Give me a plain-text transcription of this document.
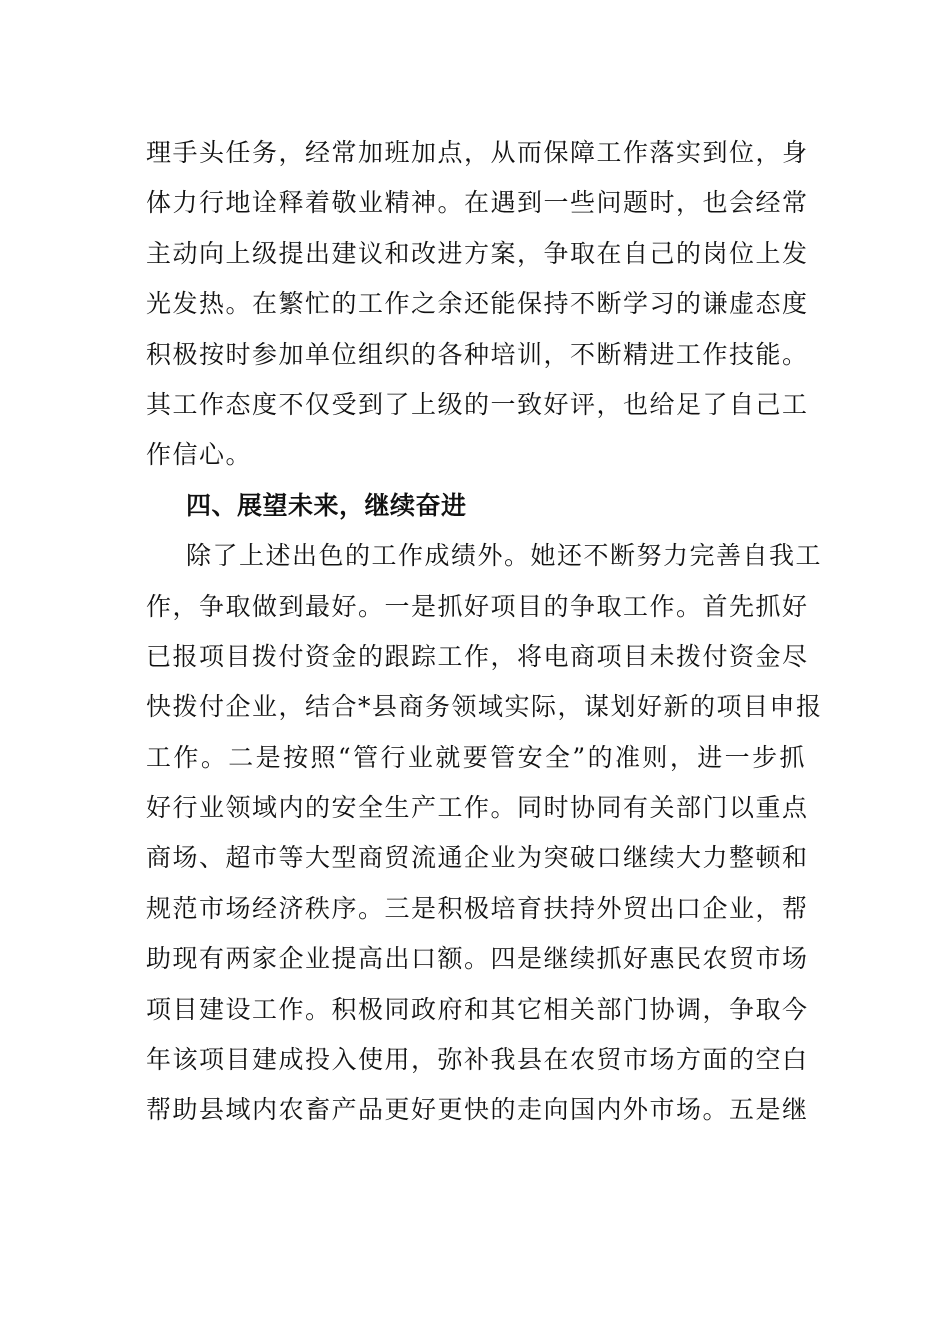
理手头任务，经常加班加点，从而保障工作落实到位，身
体力行地诠释着敬业精神。在遇到一些问题时，也会经常
主动向上级提出建议和改进方案，争取在自己的岗位上发
光发热。在繁忙的工作之余还能保持不断学习的谦虚态度
积极按时参加单位组织的各种培训，不断精进工作技能。
其工作态度不仅受到了上级的一致好评，也给足了自己工
作信心。
四、展望未来，继续奋进
除了上述出色的工作成绩外。她还不断努力完善自我工
作，争取做到最好。一是抓好项目的争取工作。首先抓好
已报项目拨付资金的跟踪工作，将电商项目未拨付资金尽
快拨付企业，结合*县商务领域实际，谋划好新的项目申报
工作。二是按照“管行业就要管安全”的准则，进一步抓
好行业领域内的安全生产工作。同时协同有关部门以重点
商场、超市等大型商贸流通企业为突破口继续大力整顿和
规范市场经济秩序。三是积极培育扶持外贸出口企业，帮
助现有两家企业提高出口额。四是继续抓好惠民农贸市场
项目建设工作。积极同政府和其它相关部门协调，争取今
年该项目建成投入使用，弥补我县在农贸市场方面的空白
帮助县域内农畜产品更好更快的走向国内外市场。五是继
